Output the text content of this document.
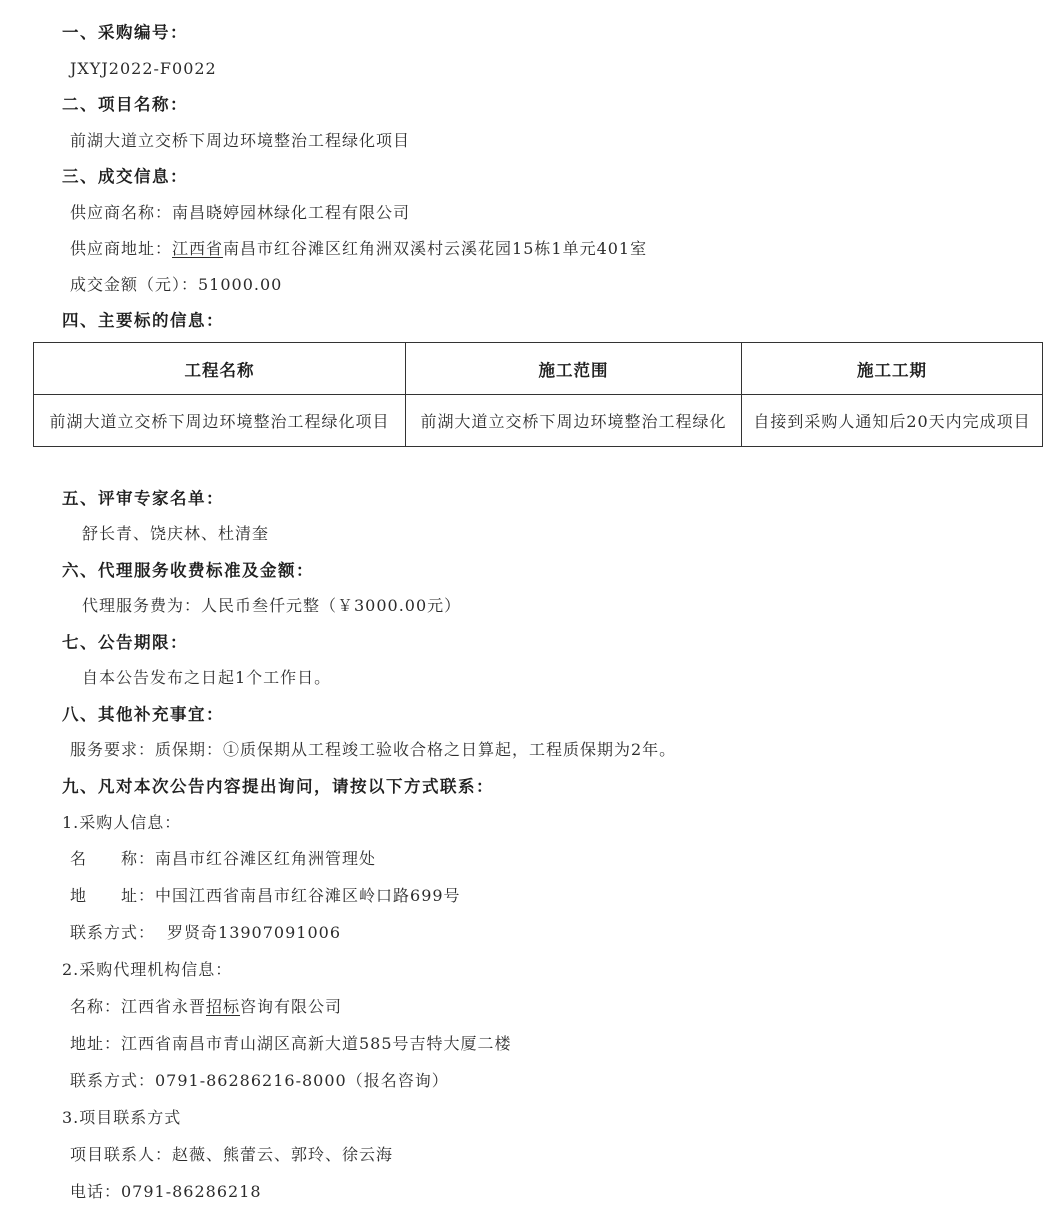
一、采购编号：
JXYJ2022-F0022
二、项目名称：
前湖大道立交桥下周边环境整治工程绿化项目
三、成交信息：
供应商名称：南昌晓婷园林绿化工程有限公司
供应商地址：江西省南昌市红谷滩区红角洲双溪村云溪花园15栋1单元401室
成交金额（元）：51000.00
四、主要标的信息：
工程名称	施工范围	施工工期
前湖大道立交桥下周边环境整治工程绿化项目	前湖大道立交桥下周边环境整治工程绿化	自接到采购人通知后20天内完成项目
五、评审专家名单：
舒长青、饶庆林、杜清奎
六、代理服务收费标准及金额：
代理服务费为：人民币叁仟元整（￥3000.00元）
七、公告期限：
自本公告发布之日起1个工作日。
八、其他补充事宜：
服务要求：质保期：①质保期从工程竣工验收合格之日算起，工程质保期为2年。
九、凡对本次公告内容提出询问，请按以下方式联系：
1.采购人信息：
名　　称：南昌市红谷滩区红角洲管理处
地　　址：中国江西省南昌市红谷滩区岭口路699号
联系方式： 罗贤奇13907091006
2.采购代理机构信息：
名称：江西省永晋招标咨询有限公司
地址：江西省南昌市青山湖区高新大道585号吉特大厦二楼
联系方式：0791-86286216-8000（报名咨询）
3.项目联系方式
项目联系人：赵薇、熊蕾云、郭玲、徐云海
电话：0791-86286218
